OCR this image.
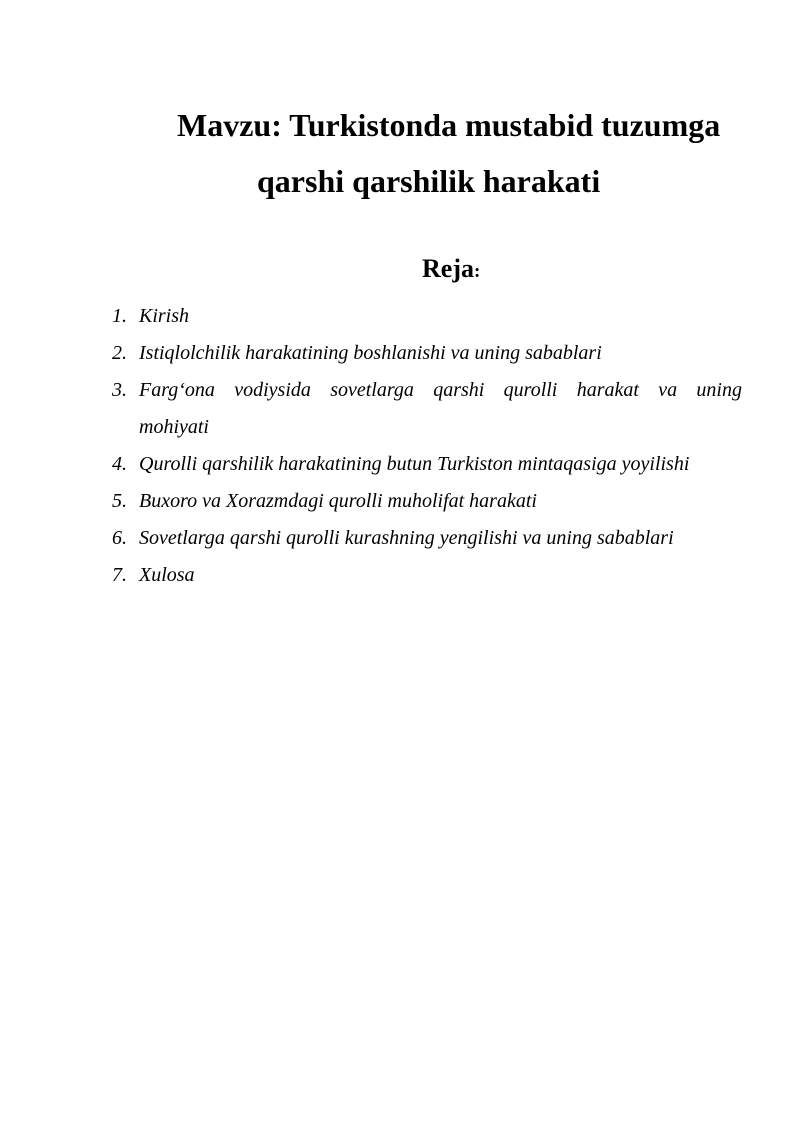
Mavzu: Turkistonda mustabid tuzumga
qarshi qarshilik harakati
Reja:
1. Kirish
2. Istiqlolchilik harakatining boshlanishi va uning sabablari
3. Farg‘ona vodiysida sovetlarga qarshi qurolli harakat va uning
mohiyati
4. Qurolli qarshilik harakatining butun Turkiston mintaqasiga yoyilishi
5. Buxoro va Xorazmdagi qurolli muholifat harakati
6. Sovetlarga qarshi qurolli kurashning yengilishi va uning sabablari
7. Xulosa
